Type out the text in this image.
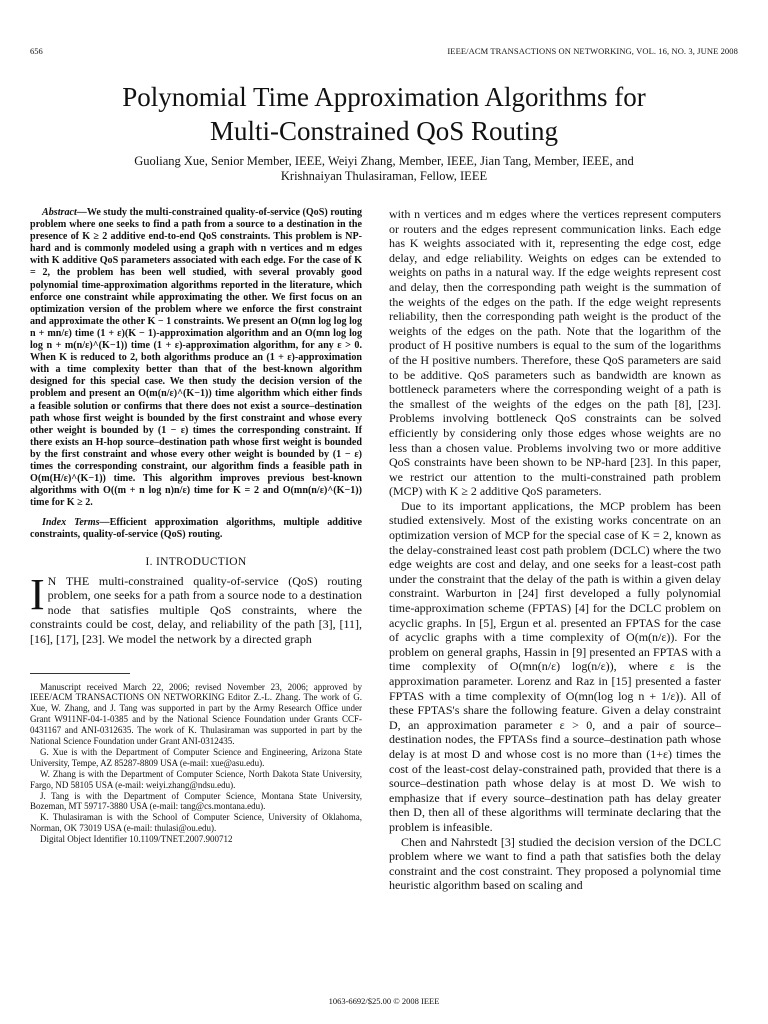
656	IEEE/ACM TRANSACTIONS ON NETWORKING, VOL. 16, NO. 3, JUNE 2008
Polynomial Time Approximation Algorithms for
Multi-Constrained QoS Routing
Guoliang Xue, Senior Member, IEEE, Weiyi Zhang, Member, IEEE, Jian Tang, Member, IEEE, and
Krishnaiyan Thulasiraman, Fellow, IEEE

Abstract—We study the multi-constrained quality-of-service (QoS) routing problem where one seeks to find a path from a source to a destination in the presence of K ≥ 2 additive end-to-end QoS constraints. This problem is NP-hard and is commonly modeled using a graph with n vertices and m edges with K additive QoS parameters associated with each edge. For the case of K = 2, the problem has been well studied, with several provably good polynomial time-approximation algorithms reported in the literature, which enforce one constraint while approximating the other. We first focus on an optimization version of the problem where we enforce the first constraint and approximate the other K − 1 constraints. We present an O(mn log log log n + mn/ε) time (1 + ε)(K − 1)-approximation algorithm and an O(mn log log log n + m(n/ε)^(K−1)) time (1 + ε)-approximation algorithm, for any ε > 0. When K is reduced to 2, both algorithms produce an (1 + ε)-approximation with a time complexity better than that of the best-known algorithm designed for this special case. We then study the decision version of the problem and present an O(m(n/ε)^(K−1)) time algorithm which either finds a feasible solution or confirms that there does not exist a source–destination path whose first weight is bounded by the first constraint and whose every other weight is bounded by (1 − ε) times the corresponding constraint. If there exists an H-hop source–destination path whose first weight is bounded by the first constraint and whose every other weight is bounded by (1 − ε) times the corresponding constraint, our algorithm finds a feasible path in O(m(H/ε)^(K−1)) time. This algorithm improves previous best-known algorithms with O((m + n log n)n/ε) time for K = 2 and O(mn(n/ε)^(K−1)) time for K ≥ 2.

Index Terms—Efficient approximation algorithms, multiple additive constraints, quality-of-service (QoS) routing.

I. INTRODUCTION

I N THE multi-constrained quality-of-service (QoS) routing problem, one seeks for a path from a source node to a destination node that satisfies multiple QoS constraints, where the constraints could be cost, delay, and reliability of the path [3], [11], [16], [17], [23]. We model the network by a directed graph

Manuscript received March 22, 2006; revised November 23, 2006; approved by IEEE/ACM TRANSACTIONS ON NETWORKING Editor Z.-L. Zhang. The work of G. Xue, W. Zhang, and J. Tang was supported in part by the Army Research Office under Grant W911NF-04-1-0385 and by the National Science Foundation under Grants CCF-0431167 and ANI-0312635. The work of K. Thulasiraman was supported in part by the National Science Foundation under Grant ANI-0312435.

G. Xue is with the Department of Computer Science and Engineering, Arizona State University, Tempe, AZ 85287-8809 USA (e-mail: xue@asu.edu).

W. Zhang is with the Department of Computer Science, North Dakota State University, Fargo, ND 58105 USA (e-mail: weiyi.zhang@ndsu.edu).

J. Tang is with the Department of Computer Science, Montana State University, Bozeman, MT 59717-3880 USA (e-mail: tang@cs.montana.edu).

K. Thulasiraman is with the School of Computer Science, University of Oklahoma, Norman, OK 73019 USA (e-mail: thulasi@ou.edu).

Digital Object Identifier 10.1109/TNET.2007.900712

with n vertices and m edges where the vertices represent computers or routers and the edges represent communication links. Each edge has K weights associated with it, representing the edge cost, edge delay, and edge reliability. Weights on edges can be extended to weights on paths in a natural way. If the edge weights represent cost and delay, then the corresponding path weight is the summation of the weights of the edges on the path. If the edge weight represents reliability, then the corresponding path weight is the product of the weights of the edges on the path. Note that the logarithm of the product of H positive numbers is equal to the sum of the logarithms of the H positive numbers. Therefore, these QoS parameters are said to be additive. QoS parameters such as bandwidth are known as bottleneck parameters where the corresponding weight of a path is the smallest of the weights of the edges on the path [8], [23]. Problems involving bottleneck QoS constraints can be solved efficiently by considering only those edges whose weights are no less than a chosen value. Problems involving two or more additive QoS constraints have been shown to be NP-hard [23]. In this paper, we restrict our attention to the multi-constrained path problem (MCP) with K ≥ 2 additive QoS parameters.

Due to its important applications, the MCP problem has been studied extensively. Most of the existing works concentrate on an optimization version of MCP for the special case of K = 2, known as the delay-constrained least cost path problem (DCLC) where the two edge weights are cost and delay, and one seeks for a least-cost path under the constraint that the delay of the path is within a given delay constraint. Warburton in [24] first developed a fully polynomial time-approximation scheme (FPTAS) [4] for the DCLC problem on acyclic graphs. In [5], Ergun et al. presented an FPTAS for the case of acyclic graphs with a time complexity of O(m(n/ε)). For the problem on general graphs, Hassin in [9] presented an FPTAS with a time complexity of O(mn(n/ε) log(n/ε)), where ε is the approximation parameter. Lorenz and Raz in [15] presented a faster FPTAS with a time complexity of O(mn(log log n + 1/ε)). All of these FPTAS's share the following feature. Given a delay constraint D, an approximation parameter ε > 0, and a pair of source–destination nodes, the FPTASs find a source–destination path whose delay is at most D and whose cost is no more than (1+ε) times the cost of the least-cost delay-constrained path, provided that there is a source–destination path whose delay is at most D. We wish to emphasize that if every source–destination path has delay greater then D, then all of these algorithms will terminate declaring that the problem is infeasible.

Chen and Nahrstedt [3] studied the decision version of the DCLC problem where we want to find a path that satisfies both the delay constraint and the cost constraint. They proposed a polynomial time heuristic algorithm based on scaling and

1063-6692/$25.00 © 2008 IEEE
